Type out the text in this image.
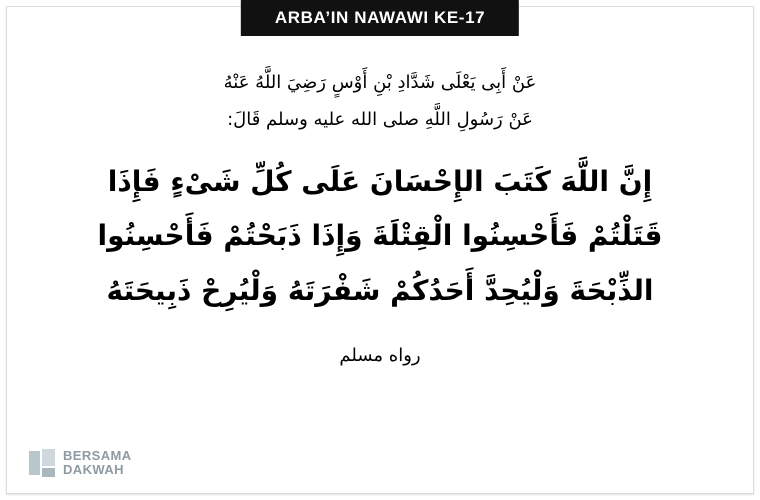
ARBA’IN NAWAWI KE-17
عَنْ أَبِى يَعْلَى شَدَّادِ بْنِ أَوْسٍ رَضِيَ اللَّهُ عَنْهُ
عَنْ رَسُولِ اللَّهِ صلى الله عليه وسلم قَالَ:
إِنَّ اللَّهَ كَتَبَ الإِحْسَانَ عَلَى كُلِّ شَىْءٍ فَإِذَا
قَتَلْتُمْ فَأَحْسِنُوا الْقِتْلَةَ وَإِذَا ذَبَحْتُمْ فَأَحْسِنُوا
الذِّبْحَةَ وَلْيُحِدَّ أَحَدُكُمْ شَفْرَتَهُ وَلْيُرِحْ ذَبِيحَتَهُ
رواه مسلم
BERSAMA
DAKWAH
